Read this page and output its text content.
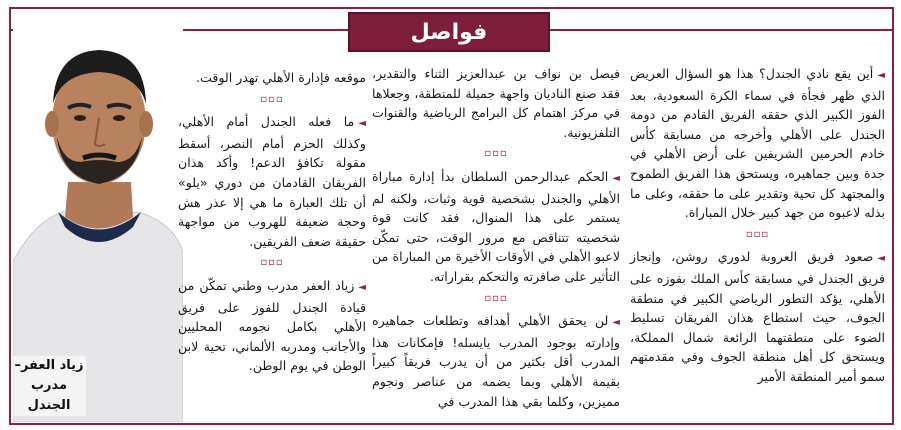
فواصل
زياد العفر–
مدرب الجندل

◄أين يقع نادي الجندل؟ هذا هو السؤال العريض الذي ظهر فجأة في سماء الكرة السعودية، بعد الفوز الكبير الذي حققه الفريق القادم من دومة الجندل على الأهلي وأخرجه من مسابقة كأس خادم الحرمين الشريفين على أرض الأهلي في جدة وبين جماهيره، ويستحق هذا الفريق الطموح والمجتهد كل تحية وتقدير على ما حققه، وعلى ما بذله لاعبوه من جهد كبير خلال المباراة.

▫▫▫

◄صعود فريق العروبة لدوري روشن، وإنجاز فريق الجندل في مسابقة كأس الملك بفوزه على الأهلي، يؤكد التطور الرياضي الكبير في منطقة الجوف، حيث استطاع هذان الفريقان تسليط الضوء على منطقتهما الرائعة شمال المملكة، ويستحق كل أهل منطقة الجوف وفي مقدمتهم سمو أمير المنطقة الأمير

فيصل بن نواف بن عبدالعزيز الثناء والتقدير، فقد صنع الناديان واجهة جميلة للمنطقة، وجعلاها في مركز اهتمام كل البرامج الرياضية والقنوات التلفزيونية.

▫▫▫

◄الحكم عبدالرحمن السلطان بدأ إدارة مباراة الأهلي والجندل بشخصية قوية وثبات، ولكنه لم يستمر على هذا المنوال، فقد كانت قوة شخصيته تتناقص مع مرور الوقت، حتى تمكّن لاعبو الأهلي في الأوقات الأخيرة من المباراة من التأثير على صافرته والتحكم بقراراته.

▫▫▫

◄لن يحقق الأهلي أهدافه وتطلعات جماهيره وإدارته بوجود المدرب يايسله! فإمكانات هذا المدرب أقل بكثير من أن يدرب فريقاً كبيراً بقيمة الأهلي وبما يضمه من عناصر ونجوم مميزين، وكلما بقي هذا المدرب في

موقعه فإدارة الأهلي تهدر الوقت.

▫▫▫

◄ما فعله الجندل أمام الأهلي، وكذلك الحزم أمام النصر، أسقط مقولة تكافؤ الدعم! وأكد هذان الفريقان القادمان من دوري «يلو» أن تلك العبارة ما هي إلا عذر هش وحجة ضعيفة للهروب من مواجهة حقيقة ضعف الفريقين.

▫▫▫

◄زياد العفر مدرب وطني تمكّن من قيادة الجندل للفوز على فريق الأهلي بكامل نجومه المحليين والأجانب ومدربه الألماني، تحية لابن الوطن في يوم الوطن.
